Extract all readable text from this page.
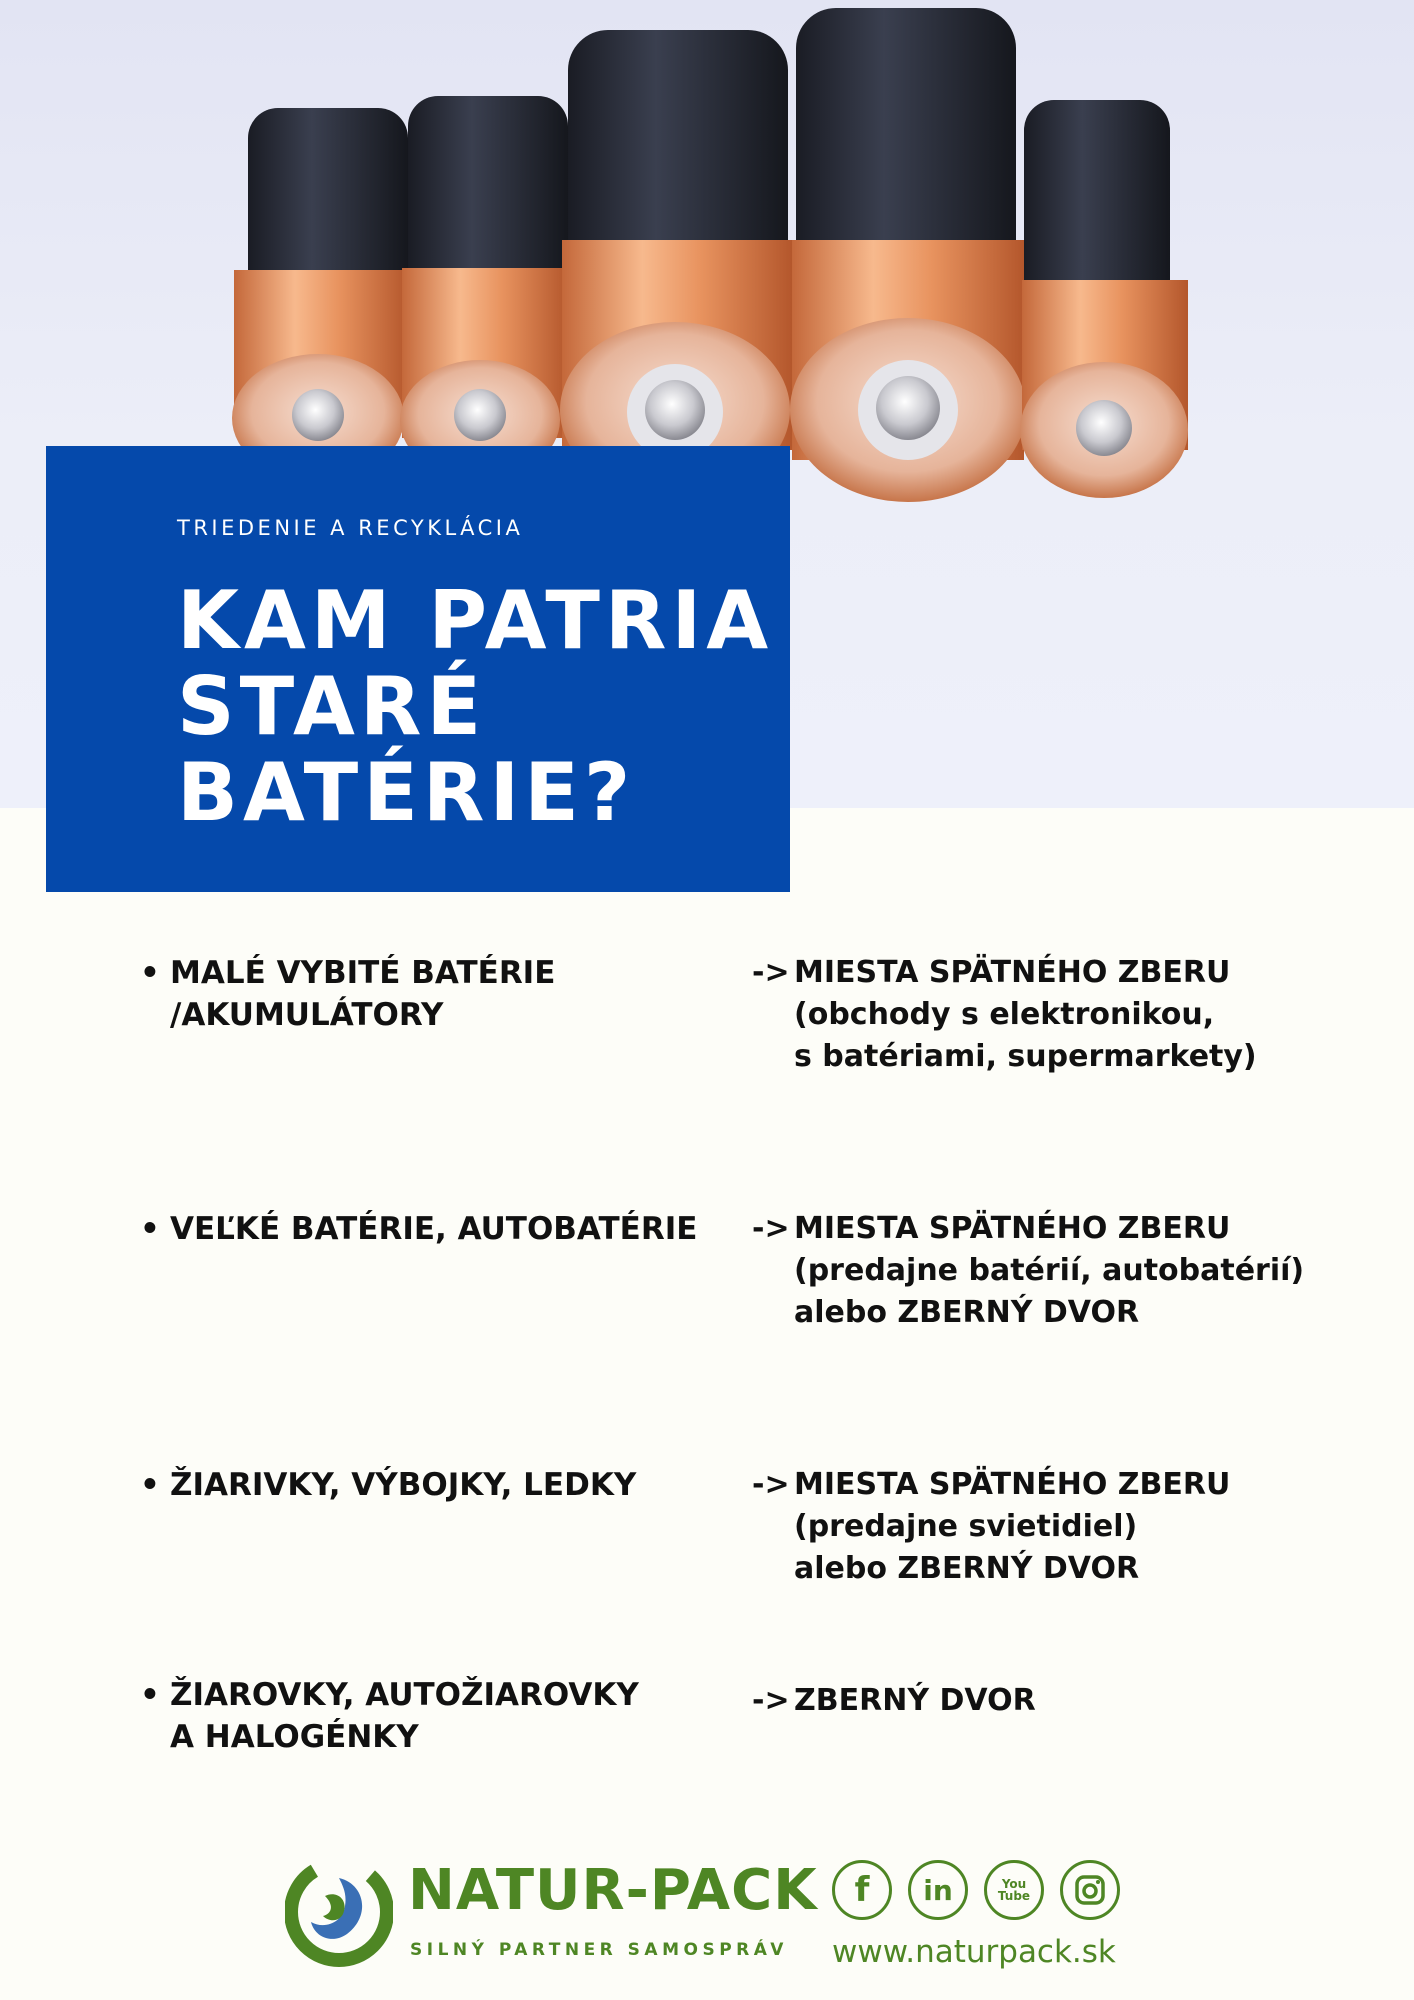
TRIEDENIE A RECYKLÁCIA

KAM PATRIA
STARÉ
BATÉRIE?
• MALÉ VYBITÉ BATÉRIE
/AKUMULÁTORY
-> MIESTA SPÄTNÉHO ZBERU
(obchody s elektronikou,
s batériami, supermarkety)
• VEĽKÉ BATÉRIE, AUTOBATÉRIE -> MIESTA SPÄTNÉHO ZBERU
(predajne batérií, autobatérií)
alebo ZBERNÝ DVOR
• ŽIARIVKY, VÝBOJKY, LEDKY	-> MIESTA SPÄTNÉHO ZBERU
(predajne svietidiel)
alebo ZBERNÝ DVOR
• ŽIAROVKY, AUTOŽIAROVKY
A HALOGÉNKY
-> ZBERNÝ DVOR
NATUR-PACK
SILNÝ PARTNER SAMOSPRÁV
f in	You Tube
www.naturpack.sk
